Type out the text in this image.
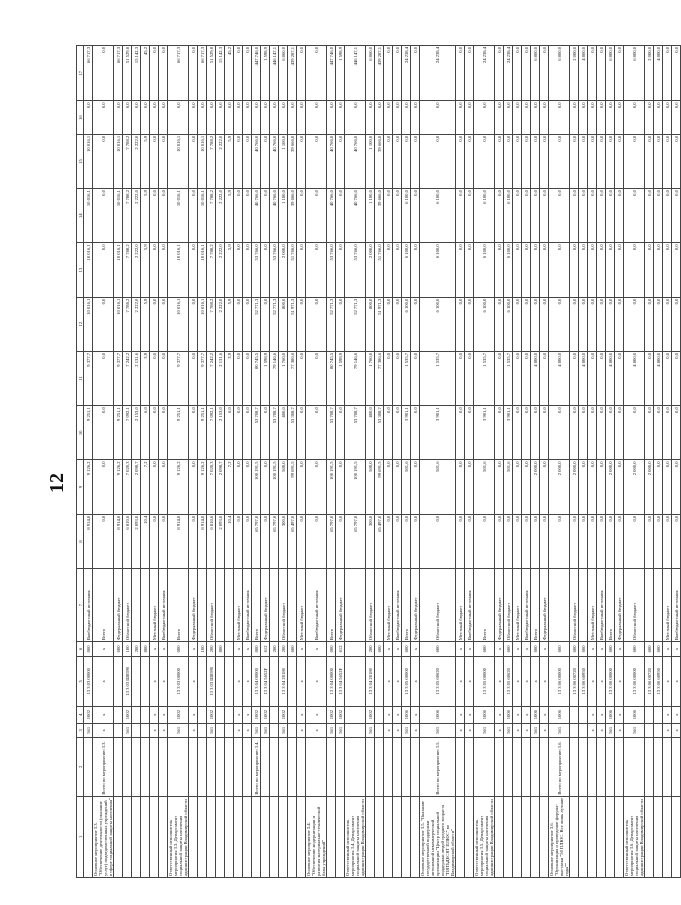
12
1	2	3	4	5	6	7	8	9	10	11	12	13	14	15	16	17
		561	1002	13 3 03 00000	000	Внебюджетный источник	8 914,0	9 126,2	9 251,1	9 377,7	10 016,1	10 016,1	10 016,1	10 016,1	0,0	66 717,3
Основное мероприятие 3.3. "Обеспечение деятельности (оказание услуг) подведомственных учреждений в сфере социальной защиты населения"	Всего по мероприятию 3.3.	x	x	x	x	Всего	0,0	0,0	0,0	0,0	0,0	0,0	0,0	0,0	0,0	0,0
					000	Федеральный бюджет	8 914,0	9 126,2	9 251,1	9 377,7	10 016,1	10 016,1	10 016,1	10 016,1	0,0	66 717,3
		561	1002	13 3 03 Ш8590	100	Областной бюджет	6 810,6	7 020,3	7 092,1	7 242,2	7 788,2	7 788,2	7 788,2	7 788,2	0,0	51 529,8
					200		2 093,0	2 098,7	2 153,0	2 131,6	2 222,0	2 222,0	2 222,0	2 222,0	0,0	15 142,3
					800		10,4	7,2	6,0	3,9	5,9	5,9	5,9	5,9	0,0	45,2
		x	x	x	x	Местный бюджет	0,0	0,0	0,0	0,0	0,0	0,0	0,0	0,0	0,0	0,0
		x	x	x	x	Внебюджетный источник	0,0	0,0	0,0	0,0	0,0	0,0	0,0	0,0	0,0	0,0
Ответственный исполнитель мероприятия 3.3. Департамент социальной защиты населения администрации Владимирской области		561	1002	13 3 03 00000	000	Всего	8 914,0	9 126,2	9 251,1	9 377,7	10 016,1	10 016,1	10 016,1	10 016,1	0,0	66 717,3
		x	x	x	x	Федеральный бюджет	0,0	0,0	0,0	0,0	0,0	0,0	0,0	0,0	0,0	0,0
					100		8 914,0	9 126,2	9 251,1	9 377,7	10 016,1	10 016,1	10 016,1	10 016,1	0,0	66 717,3
		561	1002	13 3 03 Ш8590	200	Областной бюджет	6 810,6	7 020,3	7 092,1	7 242,2	7 788,2	7 788,2	7 788,2	7 788,2	0,0	51 529,8
					800		2 093,0	2 098,7	2 153,0	2 131,6	2 222,0	2 222,0	2 222,0	2 222,0	0,0	15 142,3
							10,4	7,2	6,0	3,9	5,9	5,9	5,9	5,9	0,0	45,2
		x	x	x	x	Местный бюджет	0,0	0,0	0,0	0,0	0,0	0,0	0,0	0,0	0,0	0,0
		x	x	x	x	Внебюджетный источник	0,0	0,0	0,0	0,0	0,0	0,0	0,0	0,0	0,0	0,0
	Всего по мероприятию 3.4.	561	1002	13 3 04 00000	000	Всего	65 797,0	100 191,5	53 708,7	80 745,5	52 771,3	53 766,0	40 766,0	40 766,0	0,0	447 746,0
		561	1002	13 3 04 5652F	612	Федеральный бюджет	0,0	0,0	0,0	1 598,9	0,0	0,0	0,0	0,0	0,0	1 598,9
					200		65 797,0	100 191,5	53 708,7	79 146,6	52 771,3	53 766,0	40 766,0	40 766,0	0,0	446 147,1
		561	1002	13 3 04 20180	200	Областной бюджет	300,0	500,0	400,0	1 760,0	800,0	2 000,0	1 100,0	1 100,0	0,0	6 860,0
					600		65 497,0	99 691,5	53 308,7	77 386,6	51 971,3	51 766,0	39 666,0	39 666,0	0,0	439 287,1
		x	x	x	x	Местный бюджет	0,0	0,0	0,0	0,0	0,0	0,0	0,0	0,0	0,0	0,0
Основное мероприятие 3.4. "Обеспечение модернизации и развития материально-технической базы учреждений"		x	x	x	x	Внебюджетный источник	0,0	0,0	0,0	0,0	0,0	0,0	0,0	0,0	0,0	0,0
		561	1002	13 3 04 00000	000	Всего	65 797,0	100 191,5	53 708,7	80 745,5	52 771,3	53 766,0	40 766,0	40 766,0	0,0	447 746,0
		561	1002	13 3 04 5652F	612	Федеральный бюджет	0,0	0,0	0,0	1 598,9	0,0	0,0	0,0	0,0	0,0	1 598,9
Ответственный исполнитель мероприятия 3.4. Департамент социальной защиты населения администрации Владимирской области							65 797,0	100 191,5	53 708,7	79 146,6	52 771,3	53 766,0	40 766,0	40 766,0	0,0	446 147,1
		561	1002	13 3 04 20180	200	Областной бюджет	300,0	500,0	400,0	1 760,0	800,0	2 000,0	1 100,0	1 100,0	0,0	6 860,0
					600		65 497,0	99 691,5	53 308,7	77 386,6	51 971,3	51 766,0	39 666,0	39 666,0	0,0	439 287,1
		x	x	x	x	Местный бюджет	0,0	0,0	0,0	0,0	0,0	0,0	0,0	0,0	0,0	0,0
		x	x	x	x	Внебюджетный источник	0,0	0,0	0,0	0,0	0,0	0,0	0,0	0,0	0,0	0,0
		561	1006	13 3 05 00000	600	Всего	0,0	501,6	3 901,1	1 535,7	6 100,0	6 100,0	6 100,0	0,0	0,0	24 238,4
		x	x	x	x	Федеральный бюджет	0,0	0,0	0,0	0,0	0,0	0,0	0,0	0,0	0,0	0,0
Основное мероприятие 3.5. "Оказание государственной поддержки автономной некоммерческой организации "Центр социальной поддержки людей среднего возраста "ПЯТЬДЕСЯТ ПЛЮС" во Владимирской области"	Всего по мероприятию 3.5.	561	1006	13 3 05 60620	600	Областной бюджет	0,0	501,6	3 901,1	1 535,7	6 100,0	6 100,0	6 100,0	0,0	0,0	24 238,4
		x	x	x	x	Местный бюджет	0,0	0,0	0,0	0,0	0,0	0,0	0,0	0,0	0,0	0,0
		x	x	x	x	Внебюджетный источник	0,0	0,0	0,0	0,0	0,0	0,0	0,0	0,0	0,0	0,0
Ответственный исполнитель мероприятия 3.5. Департамент социальной защиты населения администрации Владимирской области		561	1006	13 3 05 00000	600	Всего	0,0	501,6	3 901,1	1 535,7	6 100,0	6 100,0	6 100,0	0,0	0,0	24 238,4
		x	x	x	x	Федеральный бюджет	0,0	0,0	0,0	0,0	0,0	0,0	0,0	0,0	0,0	0,0
		561	1006	13 3 05 60620	600	Областной бюджет	0,0	501,6	3 901,1	1 535,7	6 100,0	6 100,0	6 100,0	0,0	0,0	24 238,4
		x	x	x	x	Местный бюджет	0,0	0,0	0,0	0,0	0,0	0,0	0,0	0,0	0,0	0,0
		x	x	x	x	Внебюджетный источник	0,0	0,0	0,0	0,0	0,0	0,0	0,0	0,0	0,0	0,0
		561	1006	x	600	Всего	0,0	2 000,0	0,0	4 800,0	0,0	0,0	0,0	0,0	0,0	6 800,0
		x	x	x	x	Федеральный бюджет	0,0	0,0	0,0	0,0	0,0	0,0	0,0	0,0	0,0	0,0
Основное мероприятие 3.6. "Организация и проведение форума-выставки "50 ПЛЮС. Все лишь лучшие годы""	Всего по мероприятию 3.6.	561	1006	13 3 06 00000	600		0,0	2 000,0	0,0	4 800,0	0,0	0,0	0,0	0,0	0,0	6 800,0
				13 3 06 00720	600	Областной бюджет	0,0	2 000,0	0,0	0,0	0,0	0,0	0,0	0,0	0,0	2 000,0
				13 3 06 60950	600		0,0	0,0	0,0	4 800,0	0,0	0,0	0,0	0,0	0,0	4 800,0
		x	x	x	x	Местный бюджет	0,0	0,0	0,0	0,0	0,0	0,0	0,0	0,0	0,0	0,0
		x	x	x	x	Внебюджетный источник	0,0	0,0	0,0	0,0	0,0	0,0	0,0	0,0	0,0	0,0
		561	1006	13 3 06 00000	600	Всего	0,0	2 000,0	0,0	4 800,0	0,0	0,0	0,0	0,0	0,0	6 800,0
		x	x	x	x	Федеральный бюджет	0,0	0,0	0,0	0,0	0,0	0,0	0,0	0,0	0,0	0,0
Ответственный исполнитель мероприятия 3.6. Департамент социальной защиты населения администрации Владимирской области		561	1006	13 3 06 00000	600	Областной бюджет	0,0	2 000,0	0,0	4 800,0	0,0	0,0	0,0	0,0	0,0	6 800,0
				13 3 06 00720	600		0,0	2 000,0	0,0	0,0	0,0	0,0	0,0	0,0	0,0	2 000,0
				13 3 06 60950	600		0,0	0,0	0,0	4 800,0	0,0	0,0	0,0	0,0	0,0	4 800,0
		x	x	x	x	Местный бюджет	0,0	0,0	0,0	0,0	0,0	0,0	0,0	0,0	0,0	0,0
		x	x	x	x	Внебюджетный источник	0,0	0,0	0,0	0,0	0,0	0,0	0,0	0,0	0,0	0,0
